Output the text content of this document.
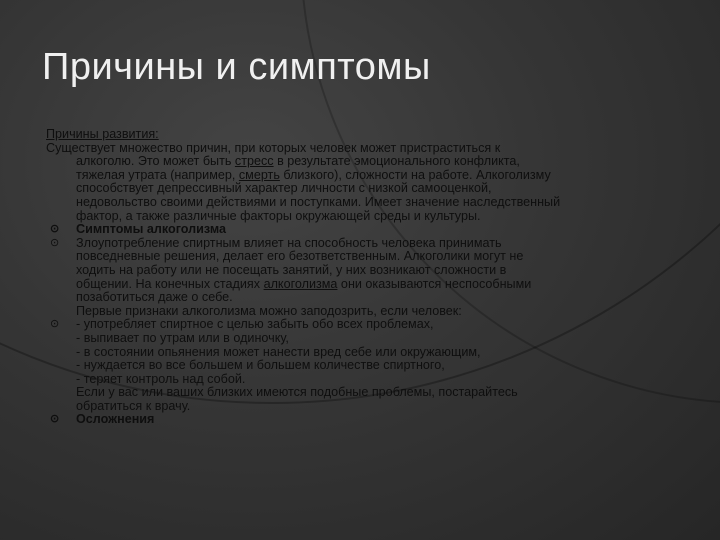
Причины и симптомы
Причины развития:
Существует множество причин, при которых человек может пристраститься к
алкоголю. Это может быть стресс в результате эмоционального конфликта,
тяжелая утрата (например, смерть близкого), сложности на работе. Алкоголизму
способствует депрессивный характер личности с низкой самооценкой,
недовольство своими действиями и поступками. Имеет значение наследственный
фактор, а также различные факторы окружающей среды и культуры.
⊙ Симптомы алкоголизма
⊙ Злоупотребление спиртным влияет на способность человека принимать
повседневные решения, делает его безответственным. Алкоголики могут не
ходить на работу или не посещать занятий, у них возникают сложности в
общении. На конечных стадиях алкоголизма они оказываются неспособными
позаботиться даже о себе.
Первые признаки алкоголизма можно заподозрить, если человек:
⊙ - употребляет спиртное с целью забыть обо всех проблемах,
- выпивает по утрам или в одиночку,
- в состоянии опьянения может нанести вред себе или окружающим,
- нуждается во все большем и большем количестве спиртного,
- теряет контроль над собой.
Если у вас или ваших близких имеются подобные проблемы, постарайтесь
обратиться к врачу.
⊙ Осложнения
